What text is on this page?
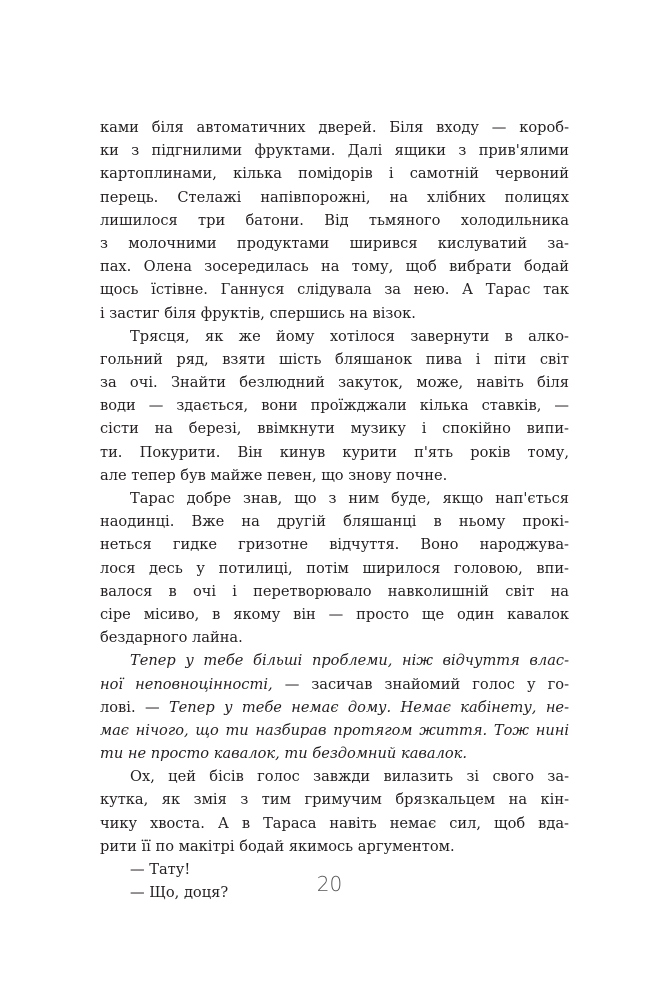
ками біля автоматичних дверей. Біля входу — короб-
ки з підгнилими фруктами. Далі ящики з прив'ялими
картоплинами, кілька помідорів і самотній червоний
перець. Стелажі напівпорожні, на хлібних полицях
лишилося три батони. Від тьмяного холодильника
з молочними продуктами ширився кислуватий за-
пах. Олена зосередилась на тому, щоб вибрати бодай
щось їстівне. Ганнуся слідувала за нею. А Тарас так
і застиг біля фруктів, спершись на візок.
Трясця, як же йому хотілося завернути в алко-
гольний ряд, взяти шість бляшанок пива і піти світ
за очі. Знайти безлюдний закуток, може, навіть біля
води — здається, вони проїжджали кілька ставків, —
сісти на березі, ввімкнути музику і спокійно випи-
ти. Покурити. Він кинув курити п'ять років тому,
але тепер був майже певен, що знову почне.
Тарас добре знав, що з ним буде, якщо нап'ється
наодинці. Вже на другій бляшанці в ньому прокі-
неться гидке гризотне відчуття. Воно народжува-
лося десь у потилиці, потім ширилося головою, впи-
валося в очі і перетворювало навколишній світ на
сіре місиво, в якому він — просто ще один кавалок
бездарного лайна.
Тепер у тебе більші проблеми, ніж відчуття влас-
ної неповноцінності, — засичав знайомий голос у го-
лові. — Тепер у тебе немає дому. Немає кабінету, не-
має нічого, що ти назбирав протягом життя. Тож нині
ти не просто кавалок, ти бездомний кавалок.
Ох, цей бісів голос завжди вилазить зі свого за-
кутка, як змія з тим гримучим брязкальцем на кін-
чику хвоста. А в Тараса навіть немає сил, щоб вда-
рити її по макітрі бодай якимось аргументом.
— Тату!
— Що, доця?	20
